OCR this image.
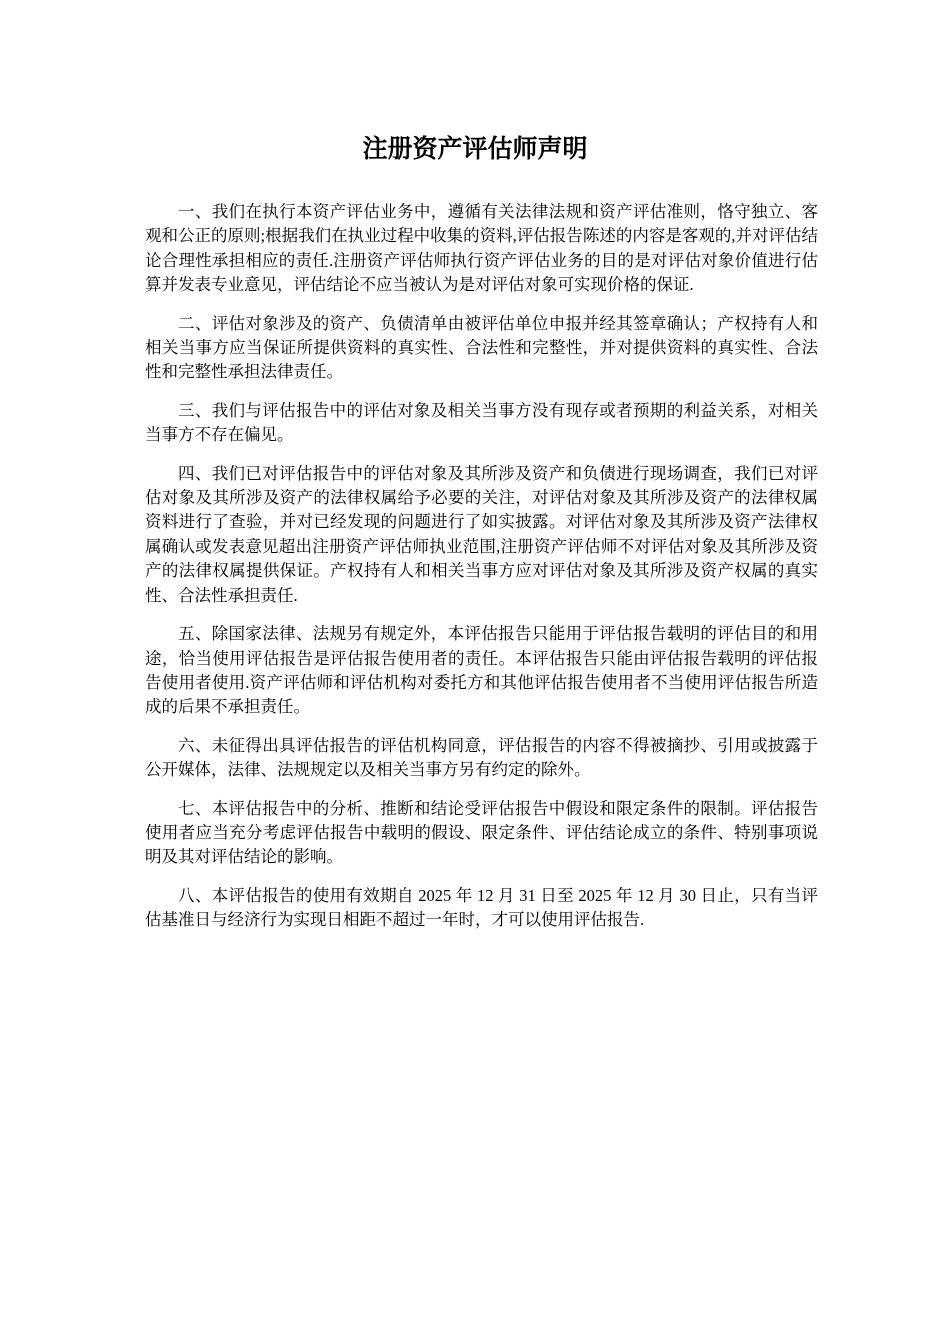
注册资产评估师声明

一、我们在执行本资产评估业务中，遵循有关法律法规和资产评估准则，恪守独立、客观和公正的原则;根据我们在执业过程中收集的资料,评估报告陈述的内容是客观的,并对评估结论合理性承担相应的责任.注册资产评估师执行资产评估业务的目的是对评估对象价值进行估算并发表专业意见，评估结论不应当被认为是对评估对象可实现价格的保证.

二、评估对象涉及的资产、负债清单由被评估单位申报并经其签章确认；产权持有人和相关当事方应当保证所提供资料的真实性、合法性和完整性，并对提供资料的真实性、合法性和完整性承担法律责任。

三、我们与评估报告中的评估对象及相关当事方没有现存或者预期的利益关系，对相关当事方不存在偏见。

四、我们已对评估报告中的评估对象及其所涉及资产和负债进行现场调查，我们已对评估对象及其所涉及资产的法律权属给予必要的关注，对评估对象及其所涉及资产的法律权属资料进行了查验，并对已经发现的问题进行了如实披露。对评估对象及其所涉及资产法律权属确认或发表意见超出注册资产评估师执业范围,注册资产评估师不对评估对象及其所涉及资产的法律权属提供保证。产权持有人和相关当事方应对评估对象及其所涉及资产权属的真实性、合法性承担责任.

五、除国家法律、法规另有规定外，本评估报告只能用于评估报告载明的评估目的和用途，恰当使用评估报告是评估报告使用者的责任。本评估报告只能由评估报告载明的评估报告使用者使用.资产评估师和评估机构对委托方和其他评估报告使用者不当使用评估报告所造成的后果不承担责任。

六、未征得出具评估报告的评估机构同意，评估报告的内容不得被摘抄、引用或披露于公开媒体，法律、法规规定以及相关当事方另有约定的除外。

七、本评估报告中的分析、推断和结论受评估报告中假设和限定条件的限制。评估报告使用者应当充分考虑评估报告中载明的假设、限定条件、评估结论成立的条件、特别事项说明及其对评估结论的影响。

八、本评估报告的使用有效期自 2025 年 12 月 31 日至 2025 年 12 月 30 日止，只有当评估基准日与经济行为实现日相距不超过一年时，才可以使用评估报告.
